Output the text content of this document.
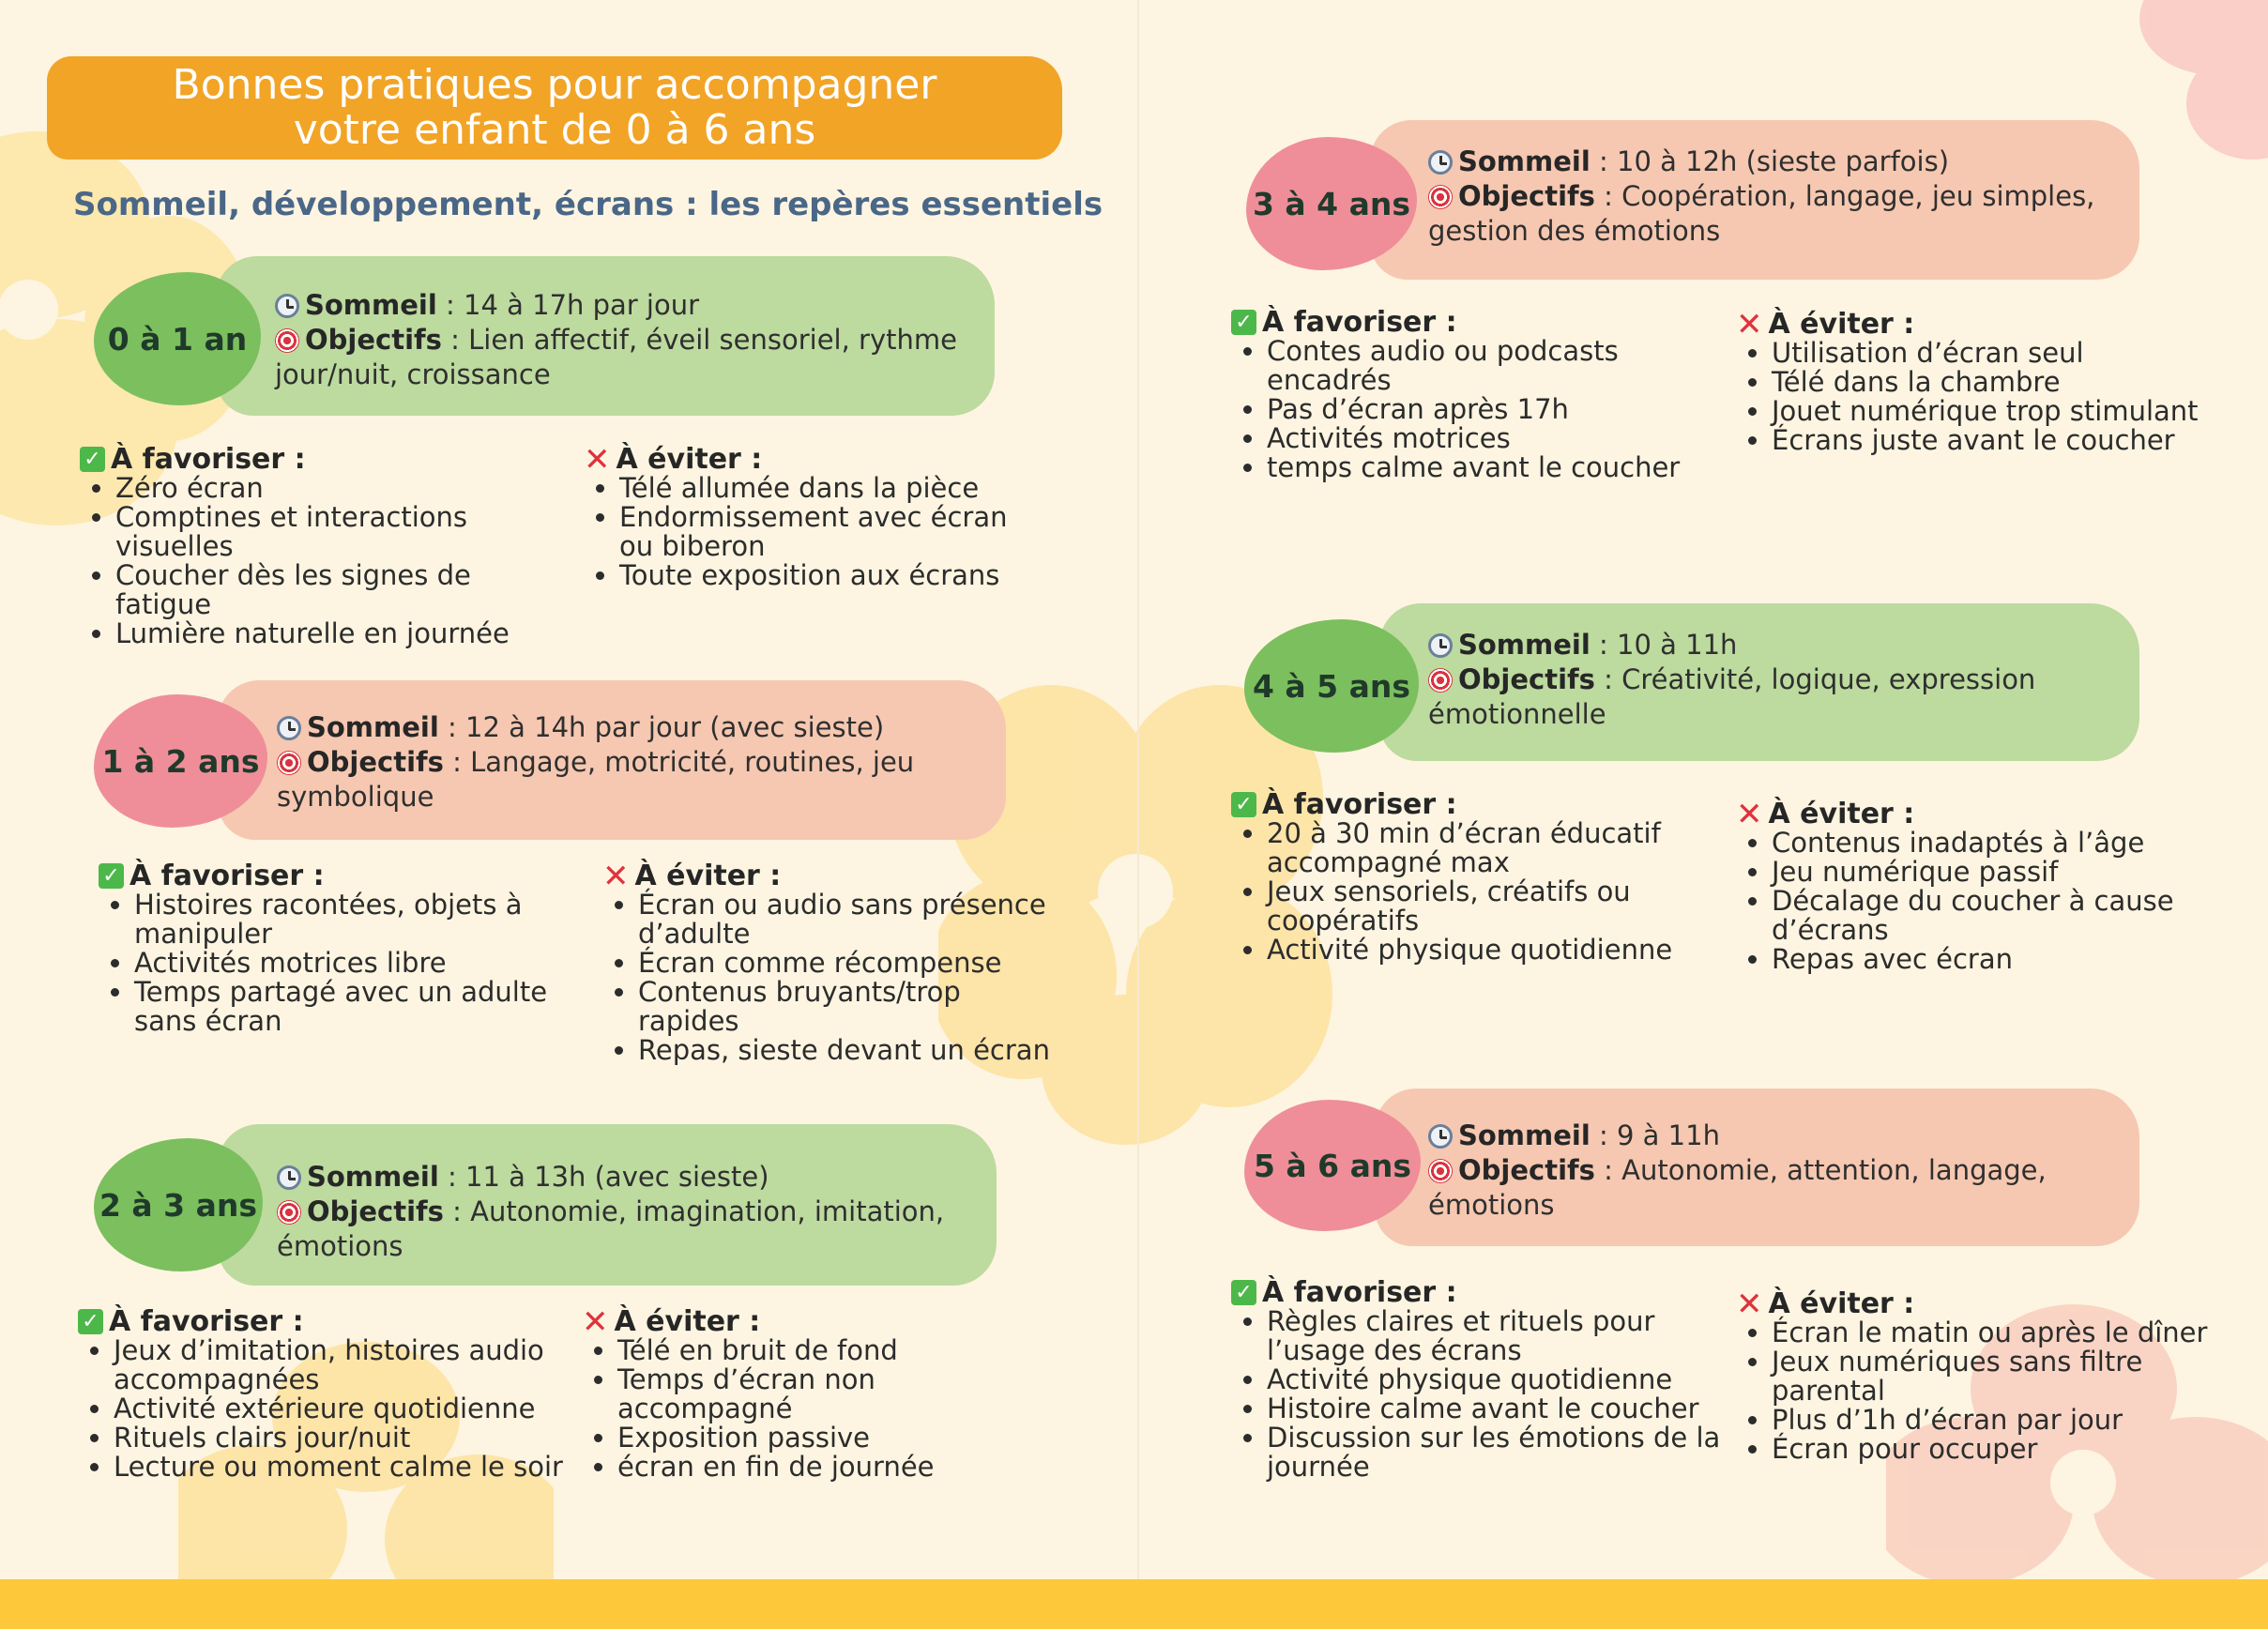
Bonnes pratiques pour accompagner
votre enfant de 0 à 6 ans
Sommeil, développement, écrans : les repères essentiels
0 à 1 an
Sommeil : 14 à 17h par jour
Objectifs : Lien affectif, éveil sensoriel, rythme jour/nuit, croissance
✓ À favoriser :
• Zéro écran
• Comptines et interactions visuelles
• Coucher dès les signes de fatigue
• Lumière naturelle en journée
✕ À éviter :
• Télé allumée dans la pièce
• Endormissement avec écran ou biberon
• Toute exposition aux écrans
1 à 2 ans
Sommeil : 12 à 14h par jour (avec sieste)
Objectifs : Langage, motricité, routines, jeu symbolique
✓ À favoriser :
• Histoires racontées, objets à manipuler
• Activités motrices libre
• Temps partagé avec un adulte sans écran
✕ À éviter :
• Écran ou audio sans présence d’adulte
• Écran comme récompense
• Contenus bruyants/trop rapides
• Repas, sieste devant un écran
2 à 3 ans
Sommeil : 11 à 13h (avec sieste)
Objectifs : Autonomie, imagination, imitation, émotions
✓ À favoriser :
• Jeux d’imitation, histoires audio accompagnées
• Activité extérieure quotidienne
• Rituels clairs jour/nuit
• Lecture ou moment calme le soir
✕ À éviter :
• Télé en bruit de fond
• Temps d’écran non accompagné
• Exposition passive
• écran en fin de journée
3 à 4 ans
Sommeil : 10 à 12h (sieste parfois)
Objectifs : Coopération, langage, jeu simples, gestion des émotions
✓ À favoriser :
• Contes audio ou podcasts encadrés
• Pas d’écran après 17h
• Activités motrices
• temps calme avant le coucher
✕ À éviter :
• Utilisation d’écran seul
• Télé dans la chambre
• Jouet numérique trop stimulant
• Écrans juste avant le coucher
4 à 5 ans
Sommeil : 10 à 11h
Objectifs : Créativité, logique, expression émotionnelle
✓ À favoriser :
• 20 à 30 min d’écran éducatif accompagné max
• Jeux sensoriels, créatifs ou coopératifs
• Activité physique quotidienne
✕ À éviter :
• Contenus inadaptés à l’âge
• Jeu numérique passif
• Décalage du coucher à cause d’écrans
• Repas avec écran
5 à 6 ans
Sommeil : 9 à 11h
Objectifs : Autonomie, attention, langage, émotions
✓ À favoriser :
• Règles claires et rituels pour l’usage des écrans
• Activité physique quotidienne
• Histoire calme avant le coucher
• Discussion sur les émotions de la journée
✕ À éviter :
• Écran le matin ou après le dîner
• Jeux numériques sans filtre parental
• Plus d’1h d’écran par jour
• Écran pour occuper
